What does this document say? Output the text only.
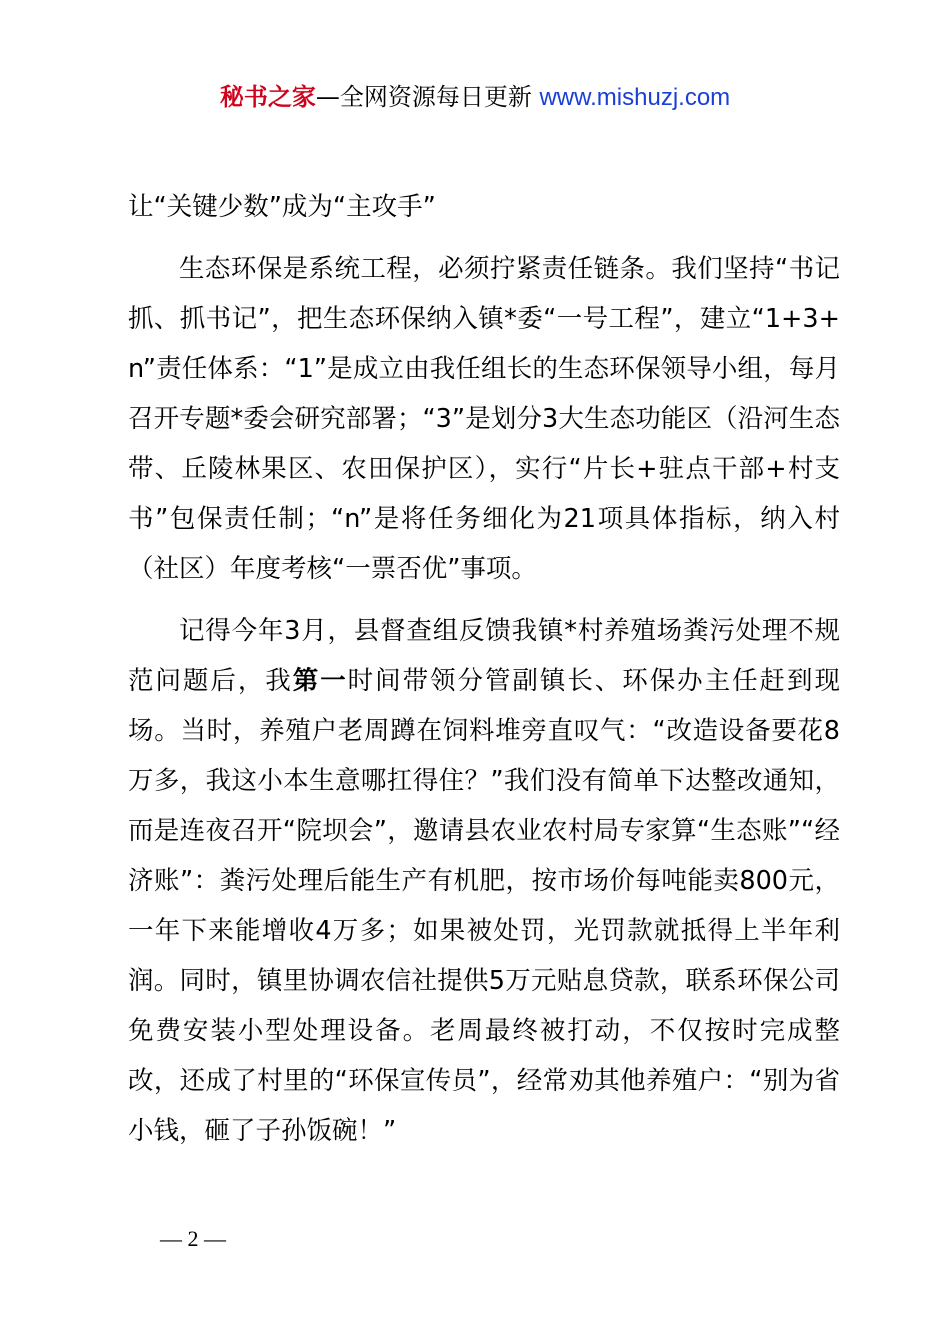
秘书之家—全网资源每日更新 www.mishuzj.com
让“关键少数”成为“主攻手”

生态环保是系统工程，必须拧紧责任链条。我们坚持“书记抓、抓书记”，把生态环保纳入镇*委“一号工程”，建立“1+3+n”责任体系：“1”是成立由我任组长的生态环保领导小组，每月召开专题*委会研究部署；“3”是划分3大生态功能区（沿河生态带、丘陵林果区、农田保护区），实行“片长+驻点干部+村支书”包保责任制；“n”是将任务细化为21项具体指标，纳入村（社区）年度考核“一票否优”事项。

记得今年3月，县督查组反馈我镇*村养殖场粪污处理不规范问题后，我第一时间带领分管副镇长、环保办主任赶到现场。当时，养殖户老周蹲在饲料堆旁直叹气：“改造设备要花8万多，我这小本生意哪扛得住？”我们没有简单下达整改通知，而是连夜召开“院坝会”，邀请县农业农村局专家算“生态账”“经济账”：粪污处理后能生产有机肥，按市场价每吨能卖800元，一年下来能增收4万多；如果被处罚，光罚款就抵得上半年利润。同时，镇里协调农信社提供5万元贴息贷款，联系环保公司免费安装小型处理设备。老周最终被打动，不仅按时完成整改，还成了村里的“环保宣传员”，经常劝其他养殖户：“别为省小钱，砸了子孙饭碗！”

— 2 —
